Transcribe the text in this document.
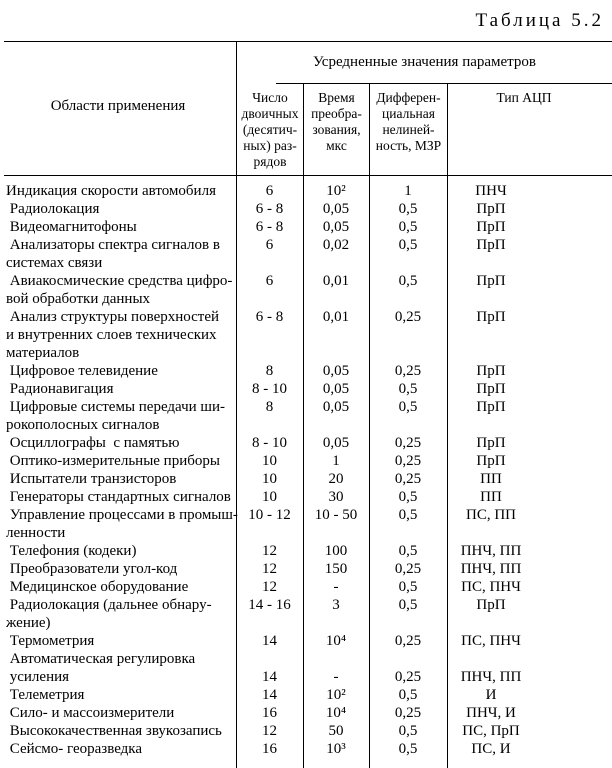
Таблица 5.2
Области применения
Усредненные значения параметров
Число двоичных (десятич- ных) раз- рядов
Время преобра- зования, мкс
Дифферен- циальная нелиней- ность, МЗР
Тип АЦП
Индикация скорости автомобиля	6	10²	1	ПНЧ
Радиолокация	6 - 8	0,05	0,5	ПрП
Видеомагнитофоны	6 - 8	0,05	0,5	ПрП
Анализаторы спектра сигналов в
системах связи
6	0,02	0,5	ПрП
Авиакосмические средства цифро-
вой обработки данных
6	0,01	0,5	ПрП
Анализ структуры поверхностей
и внутренних слоев технических
материалов
6 - 8	0,01	0,25	ПрП
Цифровое телевидение	8	0,05	0,25	ПрП
Радионавигация	8 - 10	0,05	0,5	ПрП
Цифровые системы передачи ши-
рокополосных сигналов
8	0,05	0,5	ПрП
Осциллографы  с памятью	8 - 10	0,05	0,25	ПрП
Оптико-измерительные приборы	10	1	0,25	ПрП
Испытатели транзисторов	10	20	0,25	ПП
Генераторы стандартных сигналов	10	30	0,5	ПП
Управление процессами в промыш-
ленности
10 - 12	10 - 50	0,5	ПС, ПП
Телефония (кодеки)	12	100	0,5	ПНЧ, ПП
Преобразователи угол-код	12	150	0,25	ПНЧ, ПП
Медицинское оборудование	12	-	0,5	ПС, ПНЧ
Радиолокация (дальнее обнару-
жение)
14 - 16	3	0,5	ПрП
Термометрия	14	10⁴	0,25	ПС, ПНЧ
Автоматическая регулировка
усиления	14	-	0,25	ПНЧ, ПП
Телеметрия	14	10²	0,5	И
Сило- и массоизмерители	16	10⁴	0,25	ПНЧ, И
Высококачественная звукозапись	12	50	0,5	ПС, ПрП
Сейсмо- георазведка	16	10³	0,5	ПС, И
